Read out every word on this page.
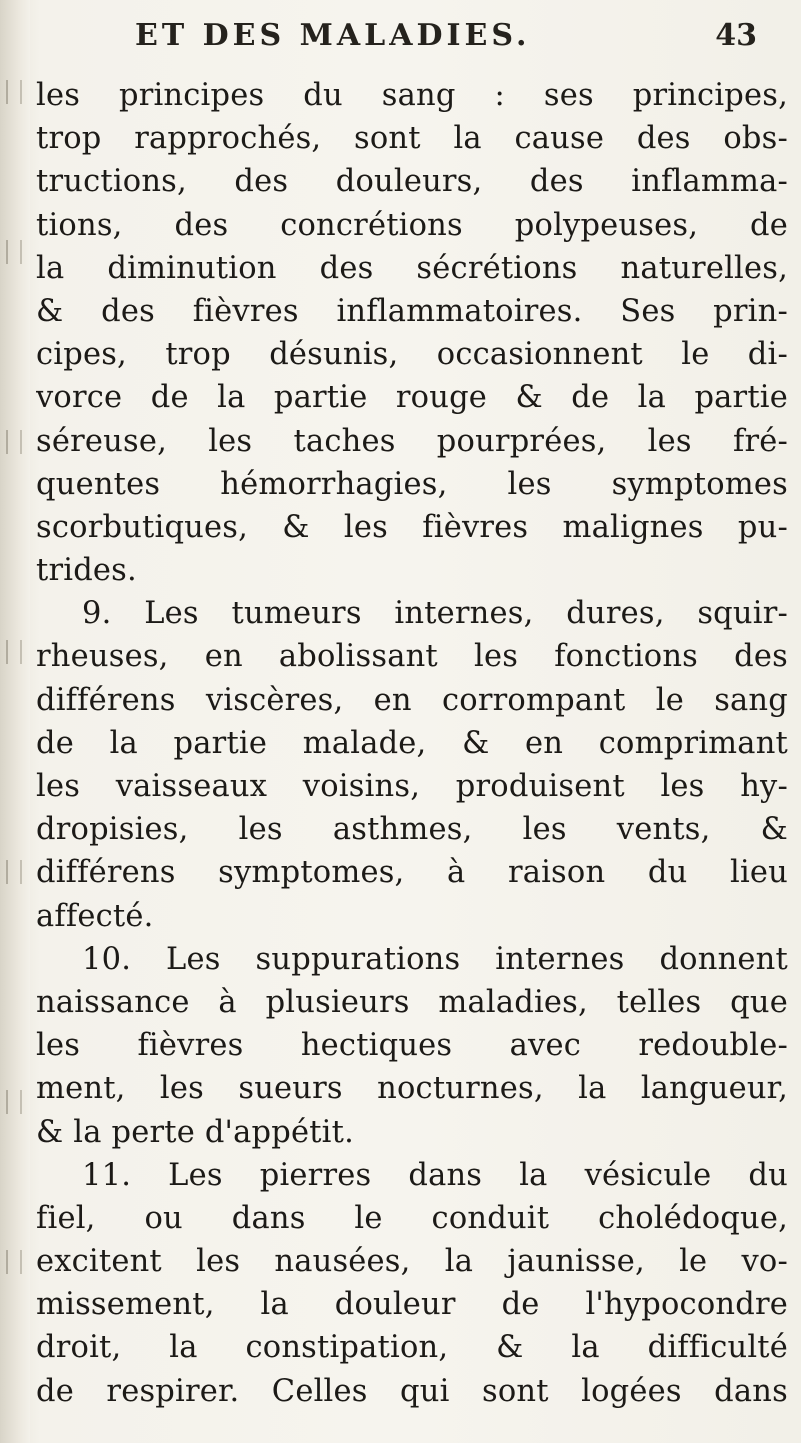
ET DES MALADIES.	43
les principes du sang : ses principes,
trop rapprochés, sont la cause des obs-
tructions, des douleurs, des inflamma-
tions, des concrétions polypeuses, de
la diminution des sécrétions naturelles,
& des fièvres inflammatoires. Ses prin-
cipes, trop désunis, occasionnent le di-
vorce de la partie rouge & de la partie
séreuse, les taches pourprées, les fré-
quentes hémorrhagies, les symptomes
scorbutiques, & les fièvres malignes pu-
trides.
9. Les tumeurs internes, dures, squir-
rheuses, en abolissant les fonctions des
différens viscères, en corrompant le sang
de la partie malade, & en comprimant
les vaisseaux voisins, produisent les hy-
dropisies, les asthmes, les vents, &
différens symptomes, à raison du lieu
affecté.
10. Les suppurations internes donnent
naissance à plusieurs maladies, telles que
les fièvres hectiques avec redouble-
ment, les sueurs nocturnes, la langueur,
& la perte d'appétit.
11. Les pierres dans la vésicule du
fiel, ou dans le conduit cholédoque,
excitent les nausées, la jaunisse, le vo-
missement, la douleur de l'hypocondre
droit, la constipation, & la difficulté
de respirer. Celles qui sont logées dans
